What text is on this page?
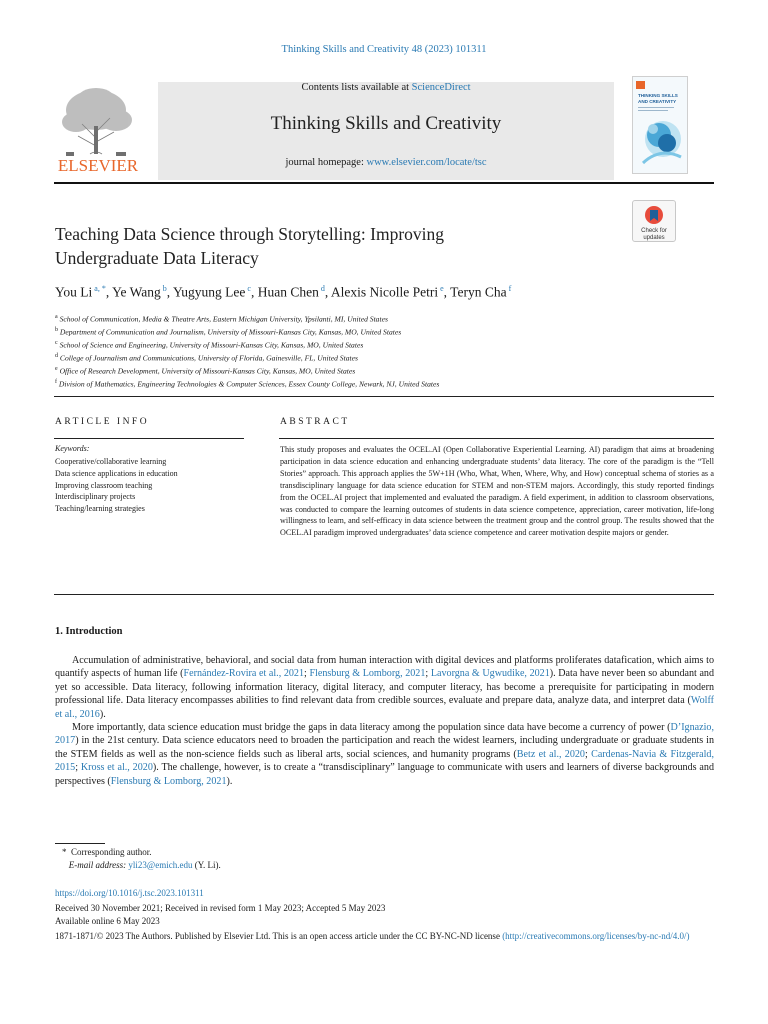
Thinking Skills and Creativity 48 (2023) 101311
Contents lists available at ScienceDirect
Thinking Skills and Creativity
journal homepage: www.elsevier.com/locate/tsc
ELSEVIER
THINKING SKILLS
AND CREATIVITY
Check for
updates
Teaching Data Science through Storytelling: Improving
Undergraduate Data Literacy
You Li $^{a, *}$, Ye Wang $^b$, Yugyung Lee $^c$, Huan Chen $^d$, Alexis Nicolle Petri $^e$, Teryn Cha $^f$
$^a$ School of Communication, Media & Theatre Arts, Eastern Michigan University, Ypsilanti, MI, United States
$^b$ Department of Communication and Journalism, University of Missouri-Kansas City, Kansas, MO, United States
$^c$ School of Science and Engineering, University of Missouri-Kansas City, Kansas, MO, United States
$^d$ College of Journalism and Communications, University of Florida, Gainesville, FL, United States
$^e$ Office of Research Development, University of Missouri-Kansas City, Kansas, MO, United States
$^f$ Division of Mathematics, Engineering Technologies & Computer Sciences, Essex County College, Newark, NJ, United States
ARTICLE INFO
Keywords:
Cooperative/collaborative learning
Data science applications in education
Improving classroom teaching
Interdisciplinary projects
Teaching/learning strategies
ABSTRACT
This study proposes and evaluates the OCEL.AI (Open Collaborative Experiential Learning. AI) paradigm that aims at broadening participation in data science education and enhancing undergraduate students’ data literacy. The core of the paradigm is the “Tell Stories” approach. This approach applies the 5W+1H (Who, What, When, Where, Why, and How) conceptual schema of stories as a transdisciplinary language for data science education for STEM and non-STEM majors. Accordingly, this study reported findings from the OCEL.AI project that implemented and evaluated the paradigm. A field experiment, in addition to classroom observations, was conducted to compare the learning outcomes of students in data science competence, appreciation, career motivation, life-long willingness to learn, and self-efficacy in data science between the treatment group and the control group. The results showed that the OCEL.AI paradigm improved undergraduates’ data science competence and career motivation despite majors or gender.
1. Introduction

Accumulation of administrative, behavioral, and social data from human interaction with digital devices and platforms proliferates datafication, which aims to quantify aspects of human life (Fernández-Rovira et al., 2021; Flensburg & Lomborg, 2021; Lavorgna & Ugwudike, 2021). Data have never been so abundant and yet so accessible. Data literacy, following information literacy, digital literacy, and computer literacy, has become a prerequisite for participating in modern professional life. Data literacy encompasses abilities to find relevant data from credible sources, evaluate and prepare data, analyze data, and interpret data (Wolff et al., 2016).

More importantly, data science education must bridge the gaps in data literacy among the population since data have become a currency of power (D’Ignazio, 2017) in the 21st century. Data science educators need to broaden the participation and reach the widest learners, including undergraduate or graduate students in the STEM fields as well as the non-science fields such as liberal arts, social sciences, and humanity programs (Betz et al., 2020; Cardenas-Navia & Fitzgerald, 2015; Kross et al., 2020). The challenge, however, is to create a “transdisciplinary” language to communicate with users and learners of diverse backgrounds and perspectives (Flensburg & Lomborg, 2021).

*  Corresponding author.
E-mail address: yli23@emich.edu (Y. Li).
https://doi.org/10.1016/j.tsc.2023.101311
Received 30 November 2021; Received in revised form 1 May 2023; Accepted 5 May 2023
Available online 6 May 2023
1871-1871/© 2023 The Authors. Published by Elsevier Ltd. This is an open access article under the CC BY-NC-ND license (http://creativecommons.org/licenses/by-nc-nd/4.0/)
